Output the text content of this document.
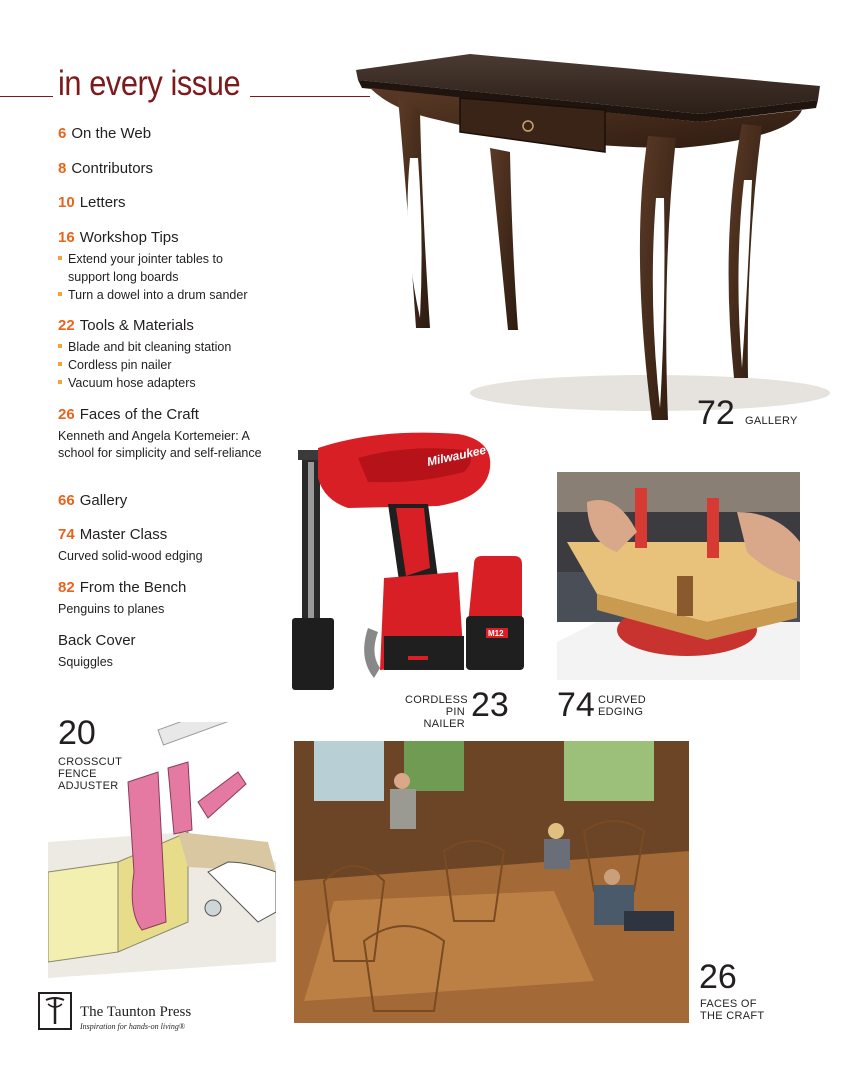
in every issue
72 GALLERY
6 On the Web
8 Contributors
10 Letters
16 Workshop Tips
Extend your jointer tables to support long boards
Turn a dowel into a drum sander
22 Tools & Materials
Blade and bit cleaning station
Cordless pin nailer
Vacuum hose adapters
26 Faces of the Craft
Kenneth and Angela Kortemeier: A school for simplicity and self-reliance
66 Gallery
74 Master Class
Curved solid-wood edging
82 From the Bench
Penguins to planes
Back Cover
Squiggles
Milwaukee
M12
CORDLESS
PIN NAILER 23 74 CURVED
EDGING
20
CROSSCUT
FENCE
ADJUSTER
26
FACES OF
THE CRAFT
The Taunton Press
Inspiration for hands-on living®
